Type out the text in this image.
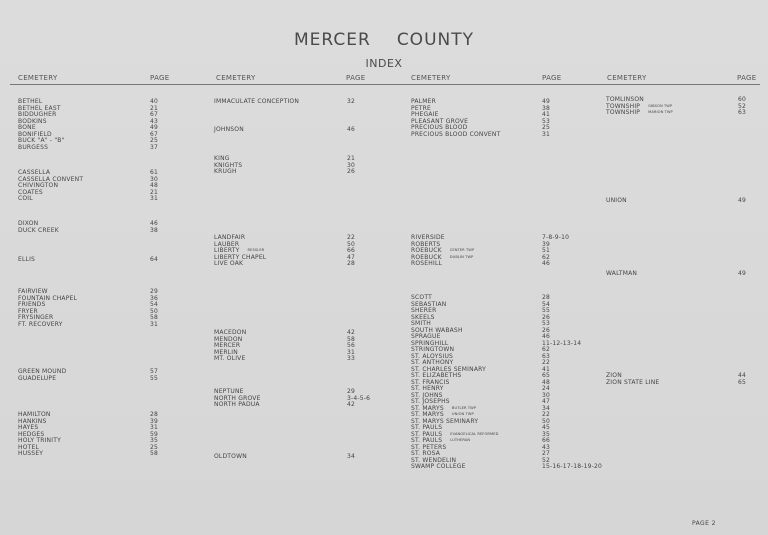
MERCER COUNTY
INDEX
CEMETERY	PAGE	CEMETERY	PAGE	CEMETERY	PAGE	CEMETERY	PAGE
BETHEL	40
BETHEL EAST	21
BIDDUGHER	67
BODKINS	43
BONE	49
BONIFIELD	67
BUCK "A" - "B"	25
BURGESS	37
CASSELLA	61
CASSELLA CONVENT	30
CHIVINGTON	48
COATES	21
COIL	31
DIXON	46
DUCK CREEK	38
ELLIS	64
FAIRVIEW	29
FOUNTAIN CHAPEL	36
FRIENDS	54
FRYER	50
FRYSINGER	58
FT. RECOVERY	31
GREEN MOUND	57
GUADELUPE	55
HAMILTON	28
HANKINS	39
HAYES	31
HEDGES	59
HOLY TRINITY	35
HOTEL	25
HUSSEY	58
IMMACULATE CONCEPTION	32
JOHNSON	46
KING	21
KNIGHTS	30
KRUGH	26
LANDFAIR	22
LAUBER	50
LIBERTY RESSLER	66
LIBERTY CHAPEL	47
LIVE OAK	28
MACEDON	42
MENDON	58
MERCER	56
MERLIN	31
MT. OLIVE	33
NEPTUNE	29
NORTH GROVE	3-4-5-6
NORTH PADUA	42
OLDTOWN	34
PALMER	49
PETRE	38
PHEGAIE	41
PLEASANT GROVE	53
PRECIOUS BLOOD	25
PRECIOUS BLOOD CONVENT	31
RIVERSIDE	7-8-9-10
ROBERTS	39
ROEBUCK CENTER TWP	51
ROEBUCK DUBLIN TWP	62
ROSEHILL	46
SCOTT	28
SEBASTIAN	54
SHERER	55
SKEELS	26
SMITH	53
SOUTH WABASH	26
SPRAGUE	46
SPRINGHILL	11-12-13-14
STRINGTOWN	62
ST. ALOYSIUS	63
ST. ANTHONY	22
ST. CHARLES SEMINARY	41
ST. ELIZABETHS	65
ST. FRANCIS	48
ST. HENRY	24
ST. JOHNS	30
ST. JOSEPHS	47
ST. MARYS BUTLER TWP	34
ST. MARYS UNION TWP	22
ST. MARYS SEMINARY	50
ST. PAULS	45
ST. PAULS EVANGELICAL REFORMED	35
ST. PAULS LUTHERAN	66
ST. PETERS	43
ST. ROSA	27
ST. WENDELIN	52
SWAMP COLLEGE	15-16-17-18-19-20
TOMLINSON	60
TOWNSHIP GIBSON TWP	52
TOWNSHIP MARION TWP	63
UNION	49
WALTMAN	49
ZION	44
ZION STATE LINE	65
PAGE 2
